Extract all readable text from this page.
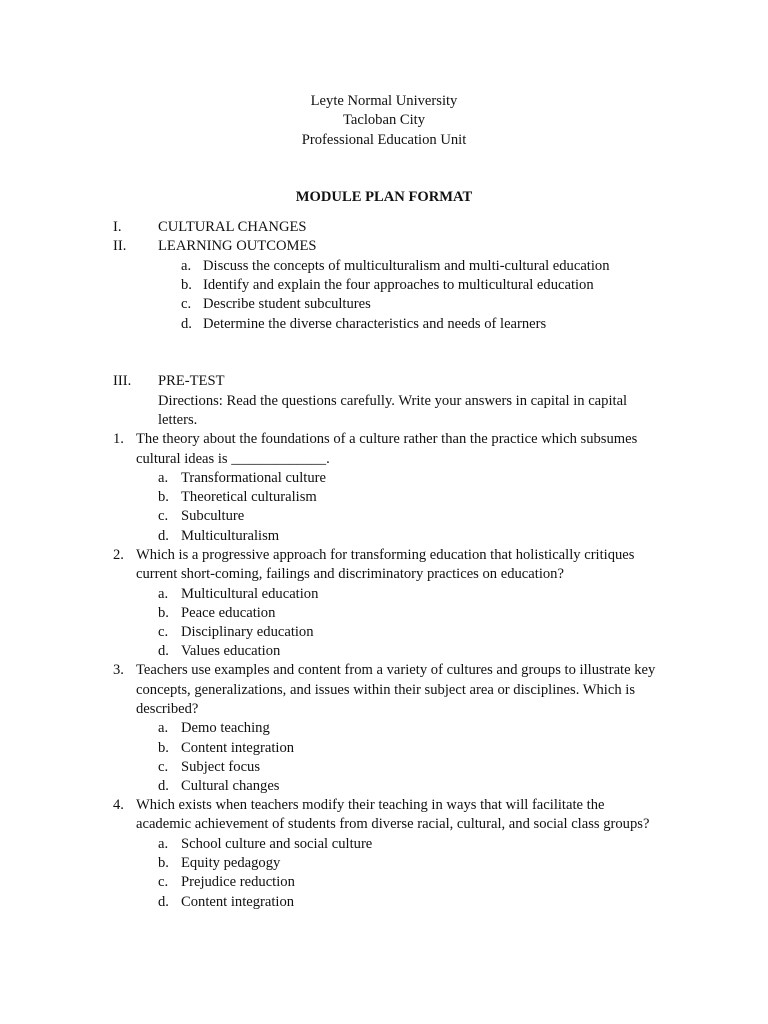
Leyte Normal University
Tacloban City
Professional Education Unit
MODULE PLAN FORMAT
I. CULTURAL CHANGES
II. LEARNING OUTCOMES
a. Discuss the concepts of multiculturalism and multi-cultural education
b. Identify and explain the four approaches to multicultural education
c. Describe student subcultures
d. Determine the diverse characteristics and needs of learners
III. PRE-TEST
Directions: Read the questions carefully. Write your answers in capital in capital
letters.
1. The theory about the foundations of a culture rather than the practice which subsumes
cultural ideas is _____________.
a. Transformational culture
b. Theoretical culturalism
c. Subculture
d. Multiculturalism
2. Which is a progressive approach for transforming education that holistically critiques
current short-coming, failings and discriminatory practices on education?
a. Multicultural education
b. Peace education
c. Disciplinary education
d. Values education
3. Teachers use examples and content from a variety of cultures and groups to illustrate key
concepts, generalizations, and issues within their subject area or disciplines. Which is
described?
a. Demo teaching
b. Content integration
c. Subject focus
d. Cultural changes
4. Which exists when teachers modify their teaching in ways that will facilitate the
academic achievement of students from diverse racial, cultural, and social class groups?
a. School culture and social culture
b. Equity pedagogy
c. Prejudice reduction
d. Content integration
